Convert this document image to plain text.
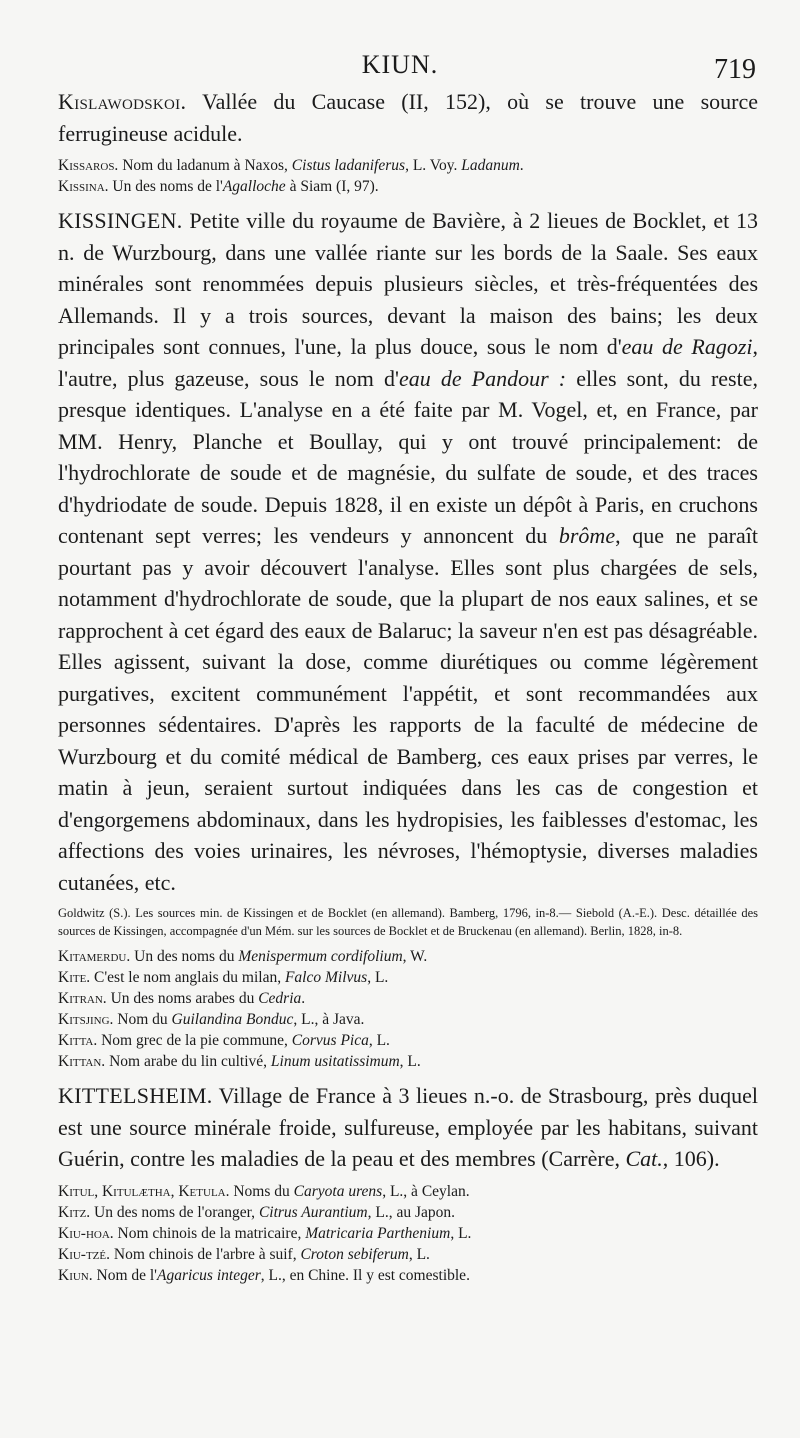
KIUN.	719

Kislawodskoi. Vallée du Caucase (II, 152), où se trouve une source ferrugineuse acidule.

Kissaros. Nom du ladanum à Naxos, Cistus ladaniferus, L. Voy. Ladanum.

Kissina. Un des noms de l'Agalloche à Siam (I, 97).

KISSINGEN. Petite ville du royaume de Bavière, à 2 lieues de Bocklet, et 13 n. de Wurzbourg, dans une vallée riante sur les bords de la Saale. Ses eaux minérales sont renommées depuis plusieurs siècles, et très-fréquentées des Allemands. Il y a trois sources, devant la maison des bains; les deux principales sont connues, l'une, la plus douce, sous le nom d'eau de Ragozi, l'autre, plus gazeuse, sous le nom d'eau de Pandour : elles sont, du reste, presque identiques. L'analyse en a été faite par M. Vogel, et, en France, par MM. Henry, Planche et Boullay, qui y ont trouvé principalement: de l'hydrochlorate de soude et de magnésie, du sulfate de soude, et des traces d'hydriodate de soude. Depuis 1828, il en existe un dépôt à Paris, en cruchons contenant sept verres; les vendeurs y annoncent du brôme, que ne paraît pourtant pas y avoir découvert l'analyse. Elles sont plus chargées de sels, notamment d'hydrochlorate de soude, que la plupart de nos eaux salines, et se rapprochent à cet égard des eaux de Balaruc; la saveur n'en est pas désagréable. Elles agissent, suivant la dose, comme diurétiques ou comme légèrement purgatives, excitent communément l'appétit, et sont recommandées aux personnes sédentaires. D'après les rapports de la faculté de médecine de Wurzbourg et du comité médical de Bamberg, ces eaux prises par verres, le matin à jeun, seraient surtout indiquées dans les cas de congestion et d'engorgemens abdominaux, dans les hydropisies, les faiblesses d'estomac, les affections des voies urinaires, les névroses, l'hémoptysie, diverses maladies cutanées, etc.

Goldwitz (S.). Les sources min. de Kissingen et de Bocklet (en allemand). Bamberg, 1796, in-8.— Siebold (A.-E.). Desc. détaillée des sources de Kissingen, accompagnée d'un Mém. sur les sources de Bocklet et de Bruckenau (en allemand). Berlin, 1828, in-8.

Kitamerdu. Un des noms du Menispermum cordifolium, W.

Kite. C'est le nom anglais du milan, Falco Milvus, L.

Kitran. Un des noms arabes du Cedria.

Kitsjing. Nom du Guilandina Bonduc, L., à Java.

Kitta. Nom grec de la pie commune, Corvus Pica, L.

Kittan. Nom arabe du lin cultivé, Linum usitatissimum, L.

KITTELSHEIM. Village de France à 3 lieues n.-o. de Strasbourg, près duquel est une source minérale froide, sulfureuse, employée par les habitans, suivant Guérin, contre les maladies de la peau et des membres (Carrère, Cat., 106).

Kitul, Kitulætha, Ketula. Noms du Caryota urens, L., à Ceylan.

Kitz. Un des noms de l'oranger, Citrus Aurantium, L., au Japon.

Kiu-hoa. Nom chinois de la matricaire, Matricaria Parthenium, L.

Kiu-tzé. Nom chinois de l'arbre à suif, Croton sebiferum, L.

Kiun. Nom de l'Agaricus integer, L., en Chine. Il y est comestible.
